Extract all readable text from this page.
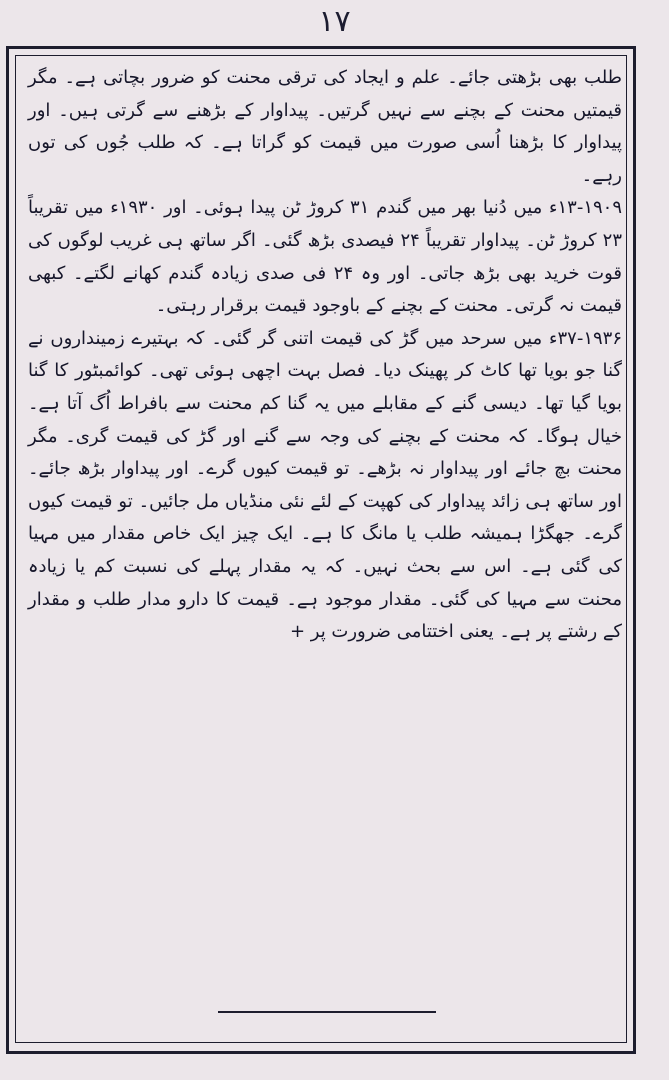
١٧

طلب بھی بڑھتی جائے۔ علم و ایجاد کی ترقی محنت کو ضرور بچاتی ہے۔ مگر قیمتیں محنت کے بچنے سے نہیں گرتیں۔ پیداوار کے بڑھنے سے گرتی ہیں۔ اور پیداوار کا بڑھنا اُسی صورت میں قیمت کو گراتا ہے۔ کہ طلب جُوں کی توں رہے۔

۱۳-۱۹۰۹ء میں دُنیا بھر میں گندم ۳۱ کروڑ ٹن پیدا ہوئی۔ اور ۱۹۳۰ء میں تقریباً ۲۳ کروڑ ٹن۔ پیداوار تقریباً ۲۴ فیصدی بڑھ گئی۔ اگر ساتھ ہی غریب لوگوں کی قوت خرید بھی بڑھ جاتی۔ اور وہ ۲۴ فی صدی زیادہ گندم کھانے لگتے۔ کبھی قیمت نہ گرتی۔ محنت کے بچنے کے باوجود قیمت برقرار رہتی۔

۳۷-۱۹۳۶ء میں سرحد میں گڑ کی قیمت اتنی گر گئی۔ کہ بہتیرے زمینداروں نے گنا جو بویا تھا کاٹ کر پھینک دیا۔ فصل بہت اچھی ہوئی تھی۔ کوائمبٹور کا گنا بویا گیا تھا۔ دیسی گنے کے مقابلے میں یہ گنا کم محنت سے بافراط اُگ آتا ہے۔ خیال ہوگا۔ کہ محنت کے بچنے کی وجہ سے گنے اور گڑ کی قیمت گری۔ مگر محنت بچ جائے اور پیداوار نہ بڑھے۔ تو قیمت کیوں گرے۔ اور پیداوار بڑھ جائے۔ اور ساتھ ہی زائد پیداوار کی کھپت کے لئے نئی منڈیاں مل جائیں۔ تو قیمت کیوں گرے۔ جھگڑا ہمیشہ طلب یا مانگ کا ہے۔ ایک چیز ایک خاص مقدار میں مہیا کی گئی ہے۔ اس سے بحث نہیں۔ کہ یہ مقدار پہلے کی نسبت کم یا زیادہ محنت سے مہیا کی گئی۔ مقدار موجود ہے۔ قیمت کا دارو مدار طلب و مقدار کے رشتے پر ہے۔ یعنی اختتامی ضرورت پر +
